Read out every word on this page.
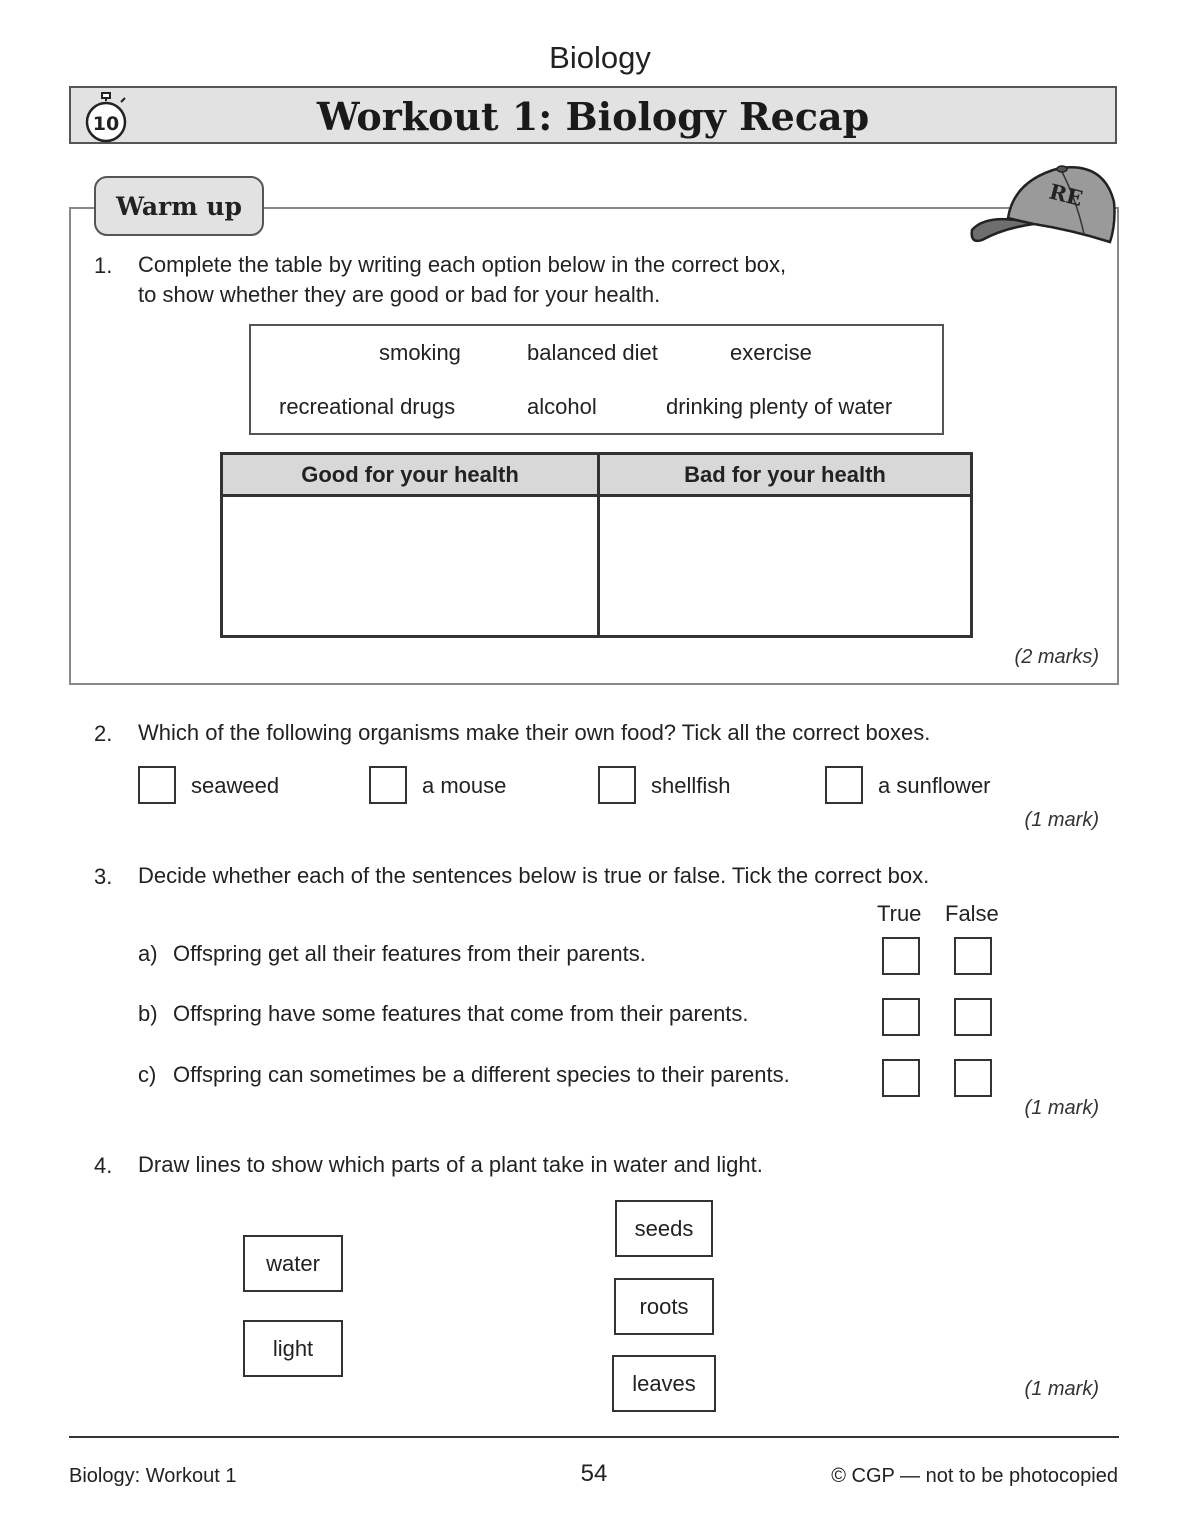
Biology
10	Workout 1: Biology Recap
Warm up	RE
1. Complete the table by writing each option below in the correct box,
to show whether they are good or bad for your health.
smoking	balanced diet	exercise
recreational drugs	alcohol	drinking plenty of water
Good for your health	Bad for your health
(2 marks)
2. Which of the following organisms make their own food? Tick all the correct boxes.
seaweed	a mouse	shellfish	a sunflower
(1 mark)
3. Decide whether each of the sentences below is true or false. Tick the correct box.
True False
a) Offspring get all their features from their parents.
b) Offspring have some features that come from their parents.
c) Offspring can sometimes be a different species to their parents.
(1 mark)
4. Draw lines to show which parts of a plant take in water and light.
water
light
seeds
roots
leaves	(1 mark)
Biology: Workout 1	54	© CGP — not to be photocopied
